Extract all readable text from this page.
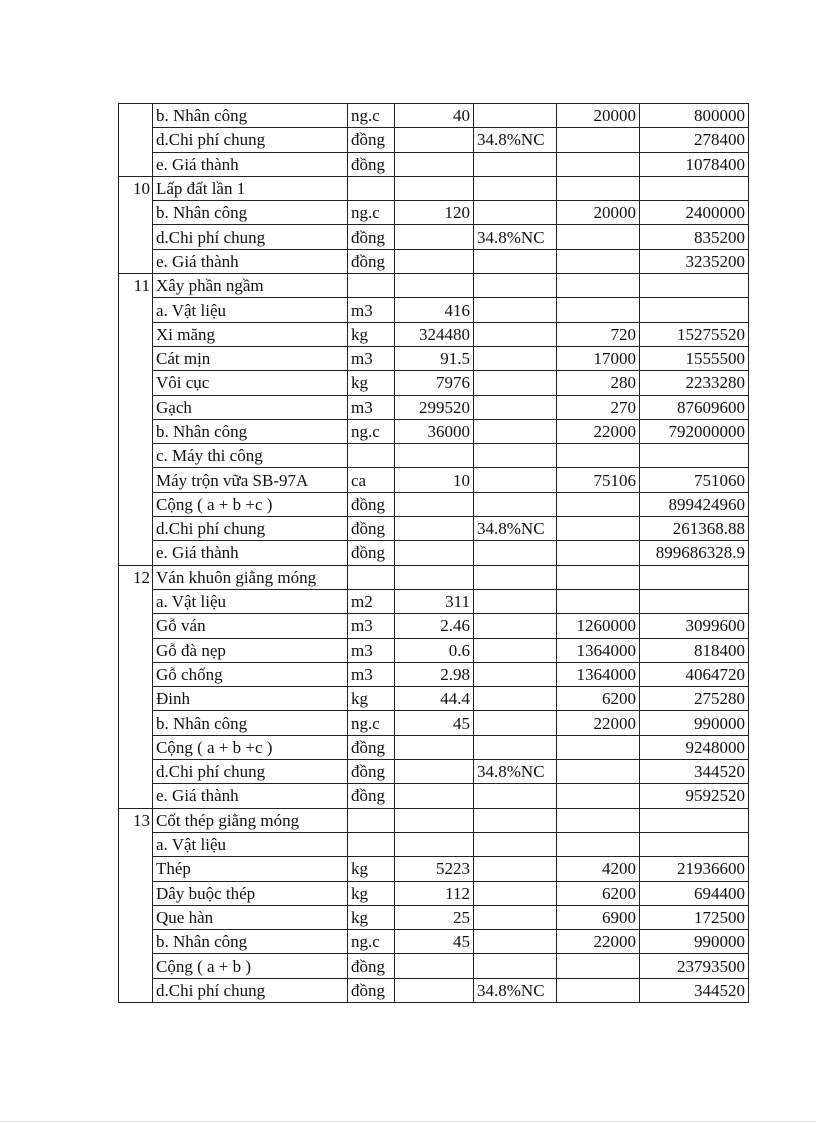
	b. Nhân công	ng.c	40		20000	800000
	d.Chi phí chung	đồng		34.8%NC		278400
	e. Giá thành	đồng				1078400
10	Lấp đất lần 1					
	b. Nhân công	ng.c	120		20000	2400000
	d.Chi phí chung	đồng		34.8%NC		835200
	e. Giá thành	đồng				3235200
11	Xây phần ngầm					
	a. Vật liệu	m3	416			
	Xi măng	kg	324480		720	15275520
	Cát mịn	m3	91.5		17000	1555500
	Vôi cục	kg	7976		280	2233280
	Gạch	m3	299520		270	87609600
	b. Nhân công	ng.c	36000		22000	792000000
	c. Máy thi công					
	Máy trộn vữa SB-97A	ca	10		75106	751060
	Cộng ( a + b +c )	đồng				899424960
	d.Chi phí chung	đồng		34.8%NC		261368.88
	e. Giá thành	đồng				899686328.9
12	Ván khuôn giằng móng					
	a. Vật liệu	m2	311			
	Gỗ ván	m3	2.46		1260000	3099600
	Gỗ đà nẹp	m3	0.6		1364000	818400
	Gỗ chống	m3	2.98		1364000	4064720
	Đinh	kg	44.4		6200	275280
	b. Nhân công	ng.c	45		22000	990000
	Cộng ( a + b +c )	đồng				9248000
	d.Chi phí chung	đồng		34.8%NC		344520
	e. Giá thành	đồng				9592520
13	Cốt thép giằng móng					
	a. Vật liệu					
	Thép	kg	5223		4200	21936600
	Dây buộc thép	kg	112		6200	694400
	Que hàn	kg	25		6900	172500
	b. Nhân công	ng.c	45		22000	990000
	Cộng ( a + b )	đồng				23793500
	d.Chi phí chung	đồng		34.8%NC		344520
